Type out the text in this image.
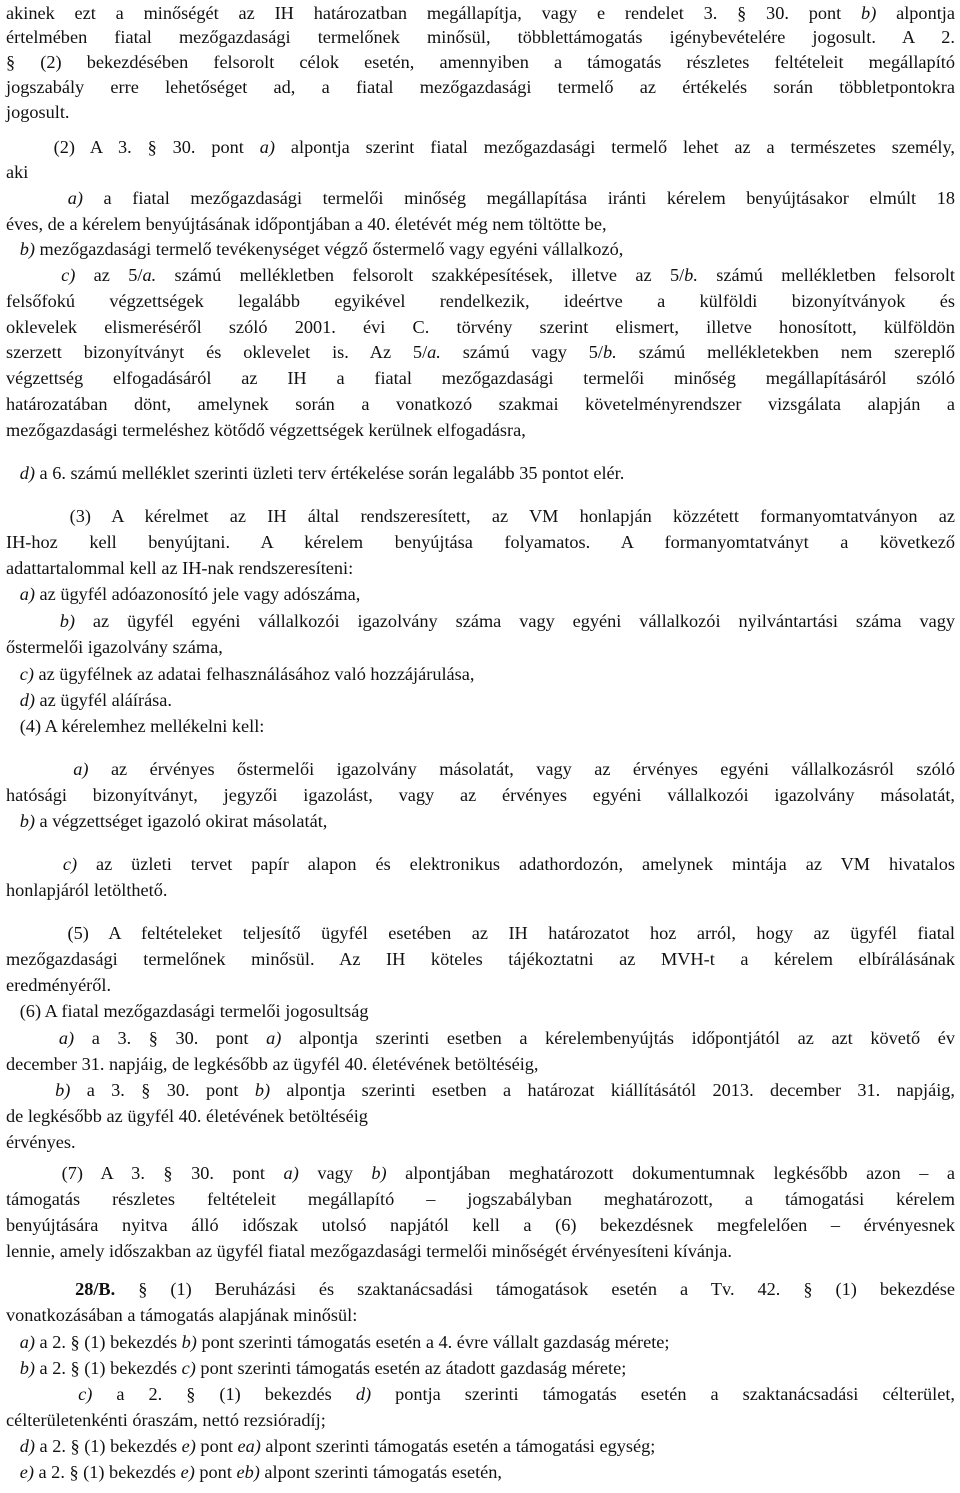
akinek ezt a minőségét az IH határozatban megállapítja, vagy e rendelet 3. § 30. pont b) alpontja
értelmében fiatal mezőgazdasági termelőnek minősül, többlettámogatás igénybevételére jogosult. A 2.
§ (2) bekezdésében felsorolt célok esetén, amennyiben a támogatás részletes feltételeit megállapító
jogszabály erre lehetőséget ad, a fiatal mezőgazdasági termelő az értékelés során többletpontokra
jogosult.
(2) A 3. § 30. pont a) alpontja szerint fiatal mezőgazdasági termelő lehet az a természetes személy,
aki
a) a fiatal mezőgazdasági termelői minőség megállapítása iránti kérelem benyújtásakor elmúlt 18
éves, de a kérelem benyújtásának időpontjában a 40. életévét még nem töltötte be,
b) mezőgazdasági termelő tevékenységet végző őstermelő vagy egyéni vállalkozó,
c) az 5/a. számú mellékletben felsorolt szakképesítések, illetve az 5/b. számú mellékletben felsorolt
felsőfokú végzettségek legalább egyikével rendelkezik, ideértve a külföldi bizonyítványok és
oklevelek elismeréséről szóló 2001. évi C. törvény szerint elismert, illetve honosított, külföldön
szerzett bizonyítványt és oklevelet is. Az 5/a. számú vagy 5/b. számú mellékletekben nem szereplő
végzettség elfogadásáról az IH a fiatal mezőgazdasági termelői minőség megállapításáról szóló
határozatában dönt, amelynek során a vonatkozó szakmai követelményrendszer vizsgálata alapján a
mezőgazdasági termeléshez kötődő végzettségek kerülnek elfogadásra,
d) a 6. számú melléklet szerinti üzleti terv értékelése során legalább 35 pontot elér.
(3) A kérelmet az IH által rendszeresített, az VM honlapján közzétett formanyomtatványon az
IH-hoz kell benyújtani. A kérelem benyújtása folyamatos. A formanyomtatványt a következő
adattartalommal kell az IH-nak rendszeresíteni:
a) az ügyfél adóazonosító jele vagy adószáma,
b) az ügyfél egyéni vállalkozói igazolvány száma vagy egyéni vállalkozói nyilvántartási száma vagy
őstermelői igazolvány száma,
c) az ügyfélnek az adatai felhasználásához való hozzájárulása,
d) az ügyfél aláírása.
(4) A kérelemhez mellékelni kell:
a) az érvényes őstermelői igazolvány másolatát, vagy az érvényes egyéni vállalkozásról szóló
hatósági bizonyítványt, jegyzői igazolást, vagy az érvényes egyéni vállalkozói igazolvány másolatát,
b) a végzettséget igazoló okirat másolatát,
c) az üzleti tervet papír alapon és elektronikus adathordozón, amelynek mintája az VM hivatalos
honlapjáról letölthető.
(5) A feltételeket teljesítő ügyfél esetében az IH határozatot hoz arról, hogy az ügyfél fiatal
mezőgazdasági termelőnek minősül. Az IH köteles tájékoztatni az MVH-t a kérelem elbírálásának
eredményéről.
(6) A fiatal mezőgazdasági termelői jogosultság
a) a 3. § 30. pont a) alpontja szerinti esetben a kérelembenyújtás időpontjától az azt követő év
december 31. napjáig, de legkésőbb az ügyfél 40. életévének betöltéséig,
b) a 3. § 30. pont b) alpontja szerinti esetben a határozat kiállításától 2013. december 31. napjáig,
de legkésőbb az ügyfél 40. életévének betöltéséig
érvényes.
(7) A 3. § 30. pont a) vagy b) alpontjában meghatározott dokumentumnak legkésőbb azon – a
támogatás részletes feltételeit megállapító – jogszabályban meghatározott, a támogatási kérelem
benyújtására nyitva álló időszak utolsó napjától kell a (6) bekezdésnek megfelelően – érvényesnek
lennie, amely időszakban az ügyfél fiatal mezőgazdasági termelői minőségét érvényesíteni kívánja.
28/B. § (1) Beruházási és szaktanácsadási támogatások esetén a Tv. 42. § (1) bekezdése
vonatkozásában a támogatás alapjának minősül:
a) a 2. § (1) bekezdés b) pont szerinti támogatás esetén a 4. évre vállalt gazdaság mérete;
b) a 2. § (1) bekezdés c) pont szerinti támogatás esetén az átadott gazdaság mérete;
c) a 2. § (1) bekezdés d) pontja szerinti támogatás esetén a szaktanácsadási célterület,
célterületenkénti óraszám, nettó rezsióradíj;
d) a 2. § (1) bekezdés e) pont ea) alpont szerinti támogatás esetén a támogatási egység;
e) a 2. § (1) bekezdés e) pont eb) alpont szerinti támogatás esetén,
